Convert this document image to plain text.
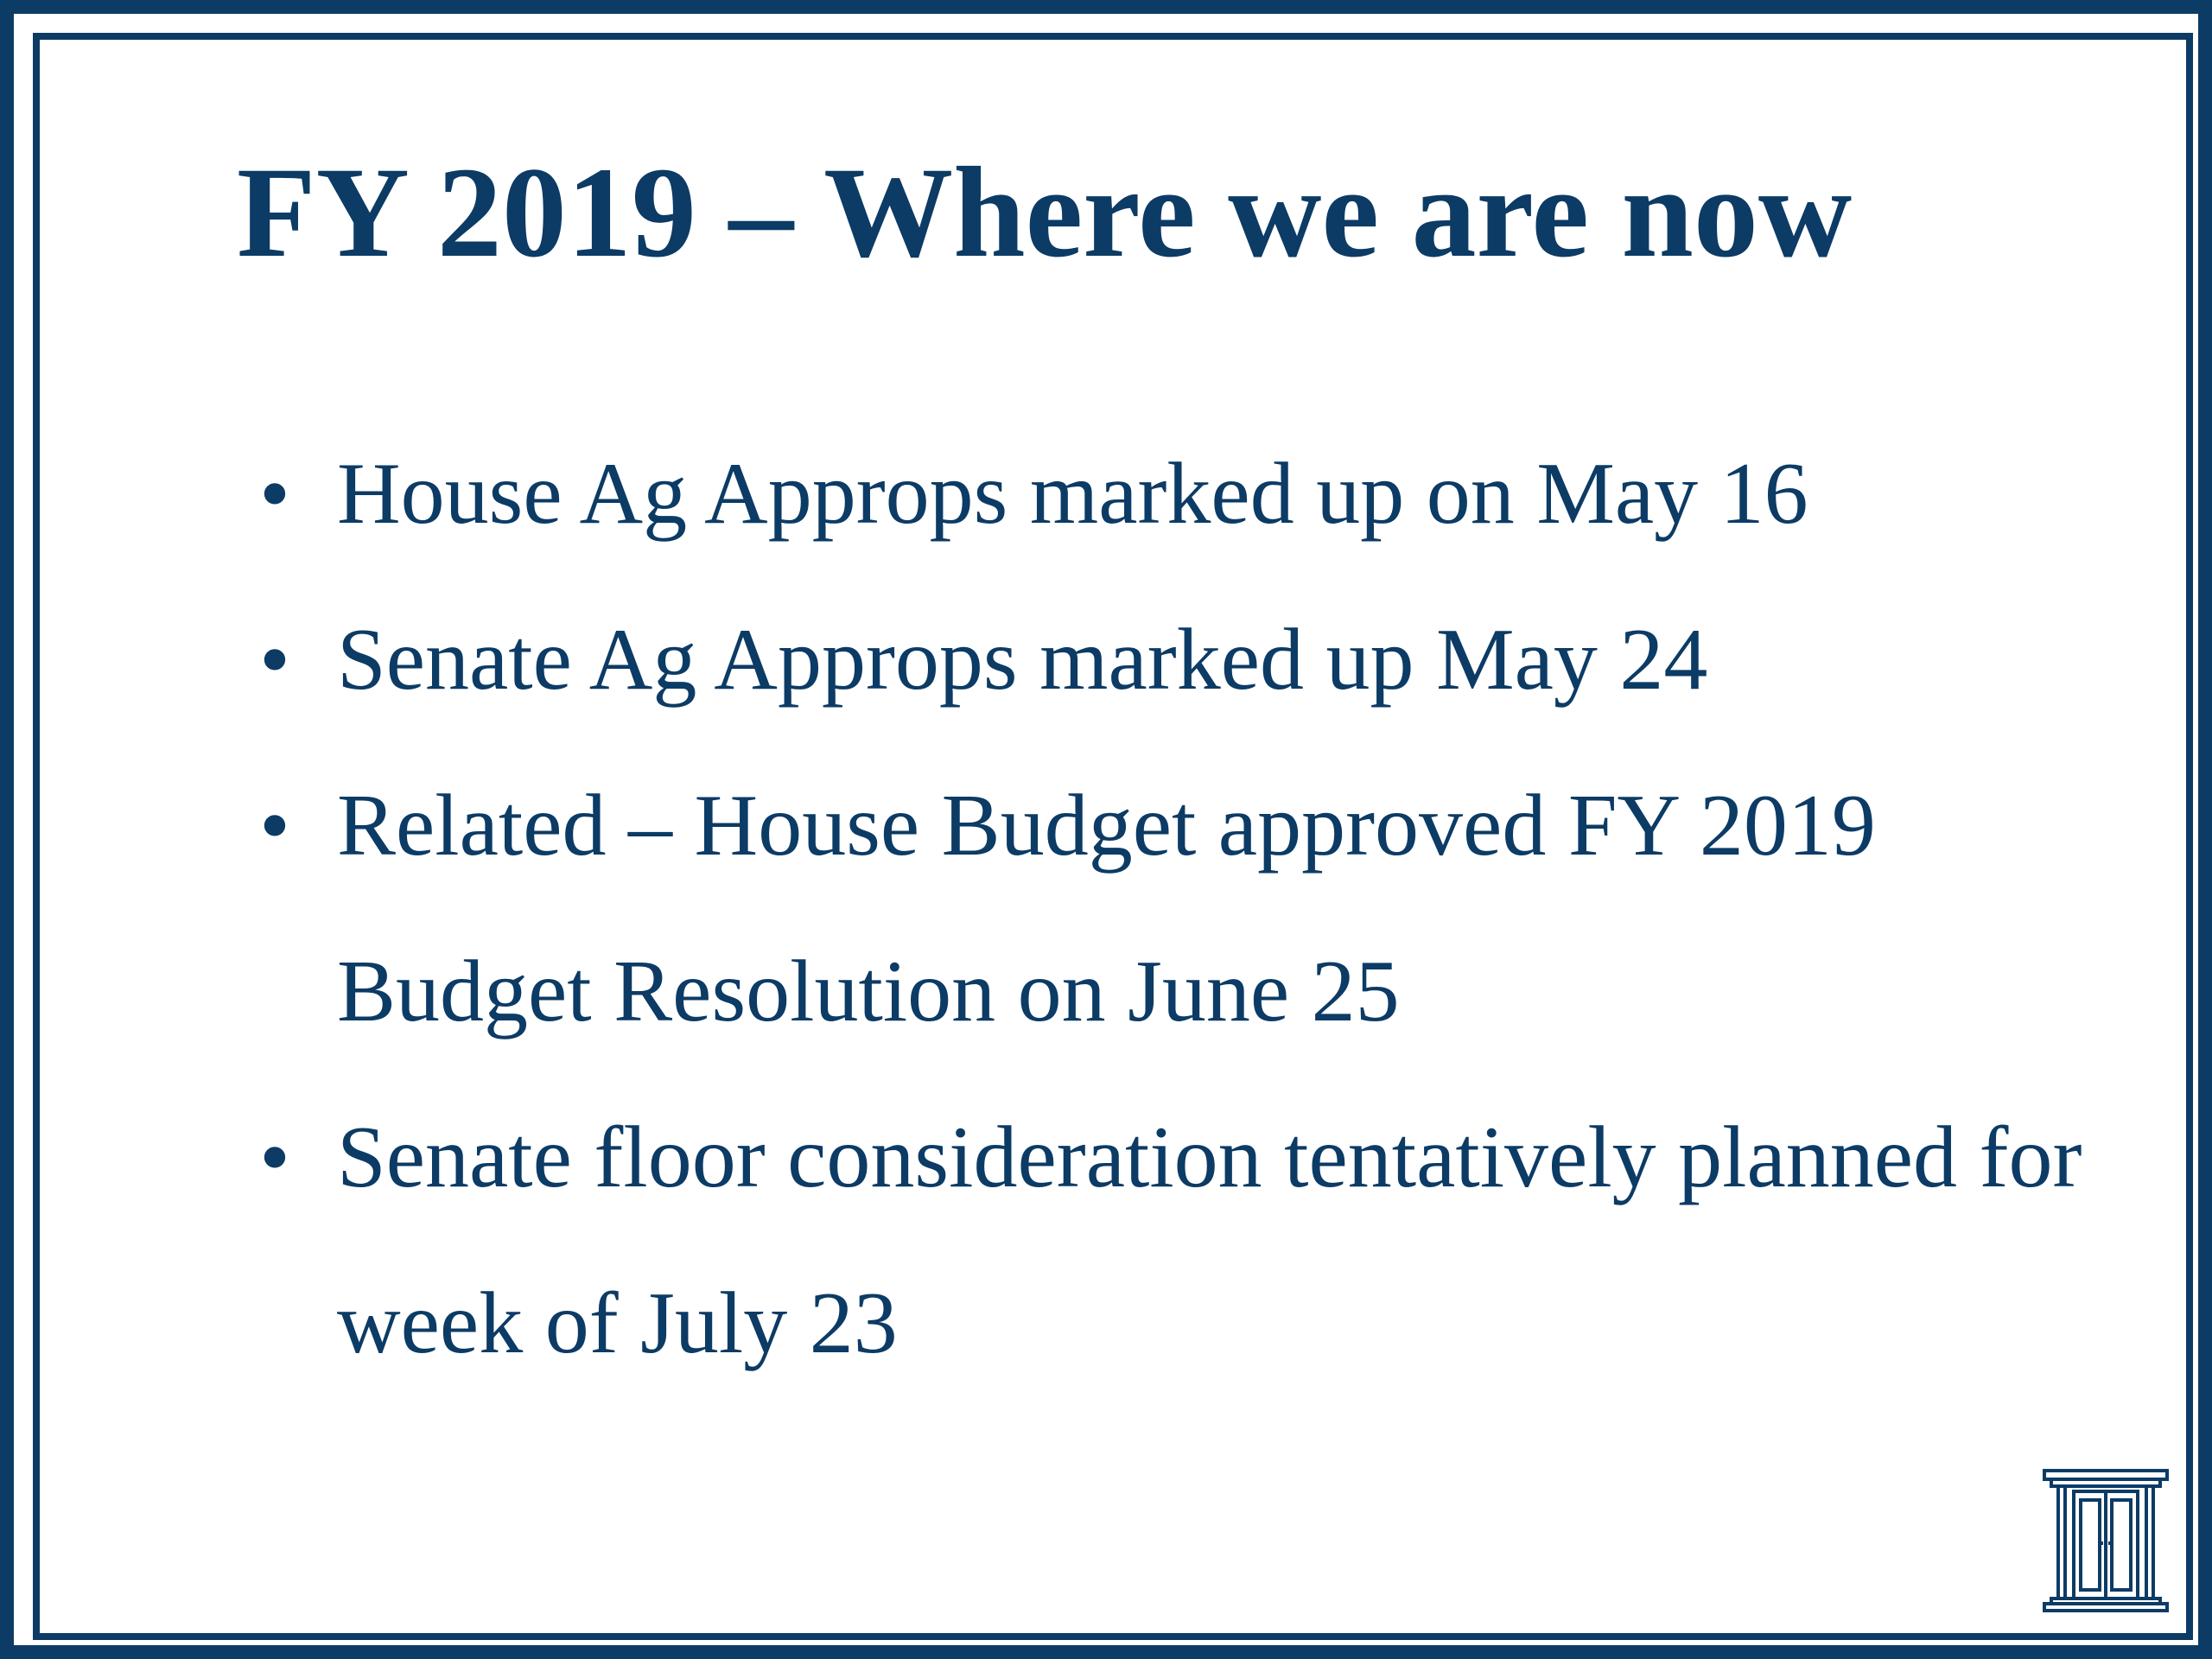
FY 2019 – Where we are now
• House Ag Approps marked up on May 16
• Senate Ag Approps marked up May 24
• Related – House Budget approved FY 2019 Budget Resolution on June 25
• Senate floor consideration tentatively planned for week of July 23
